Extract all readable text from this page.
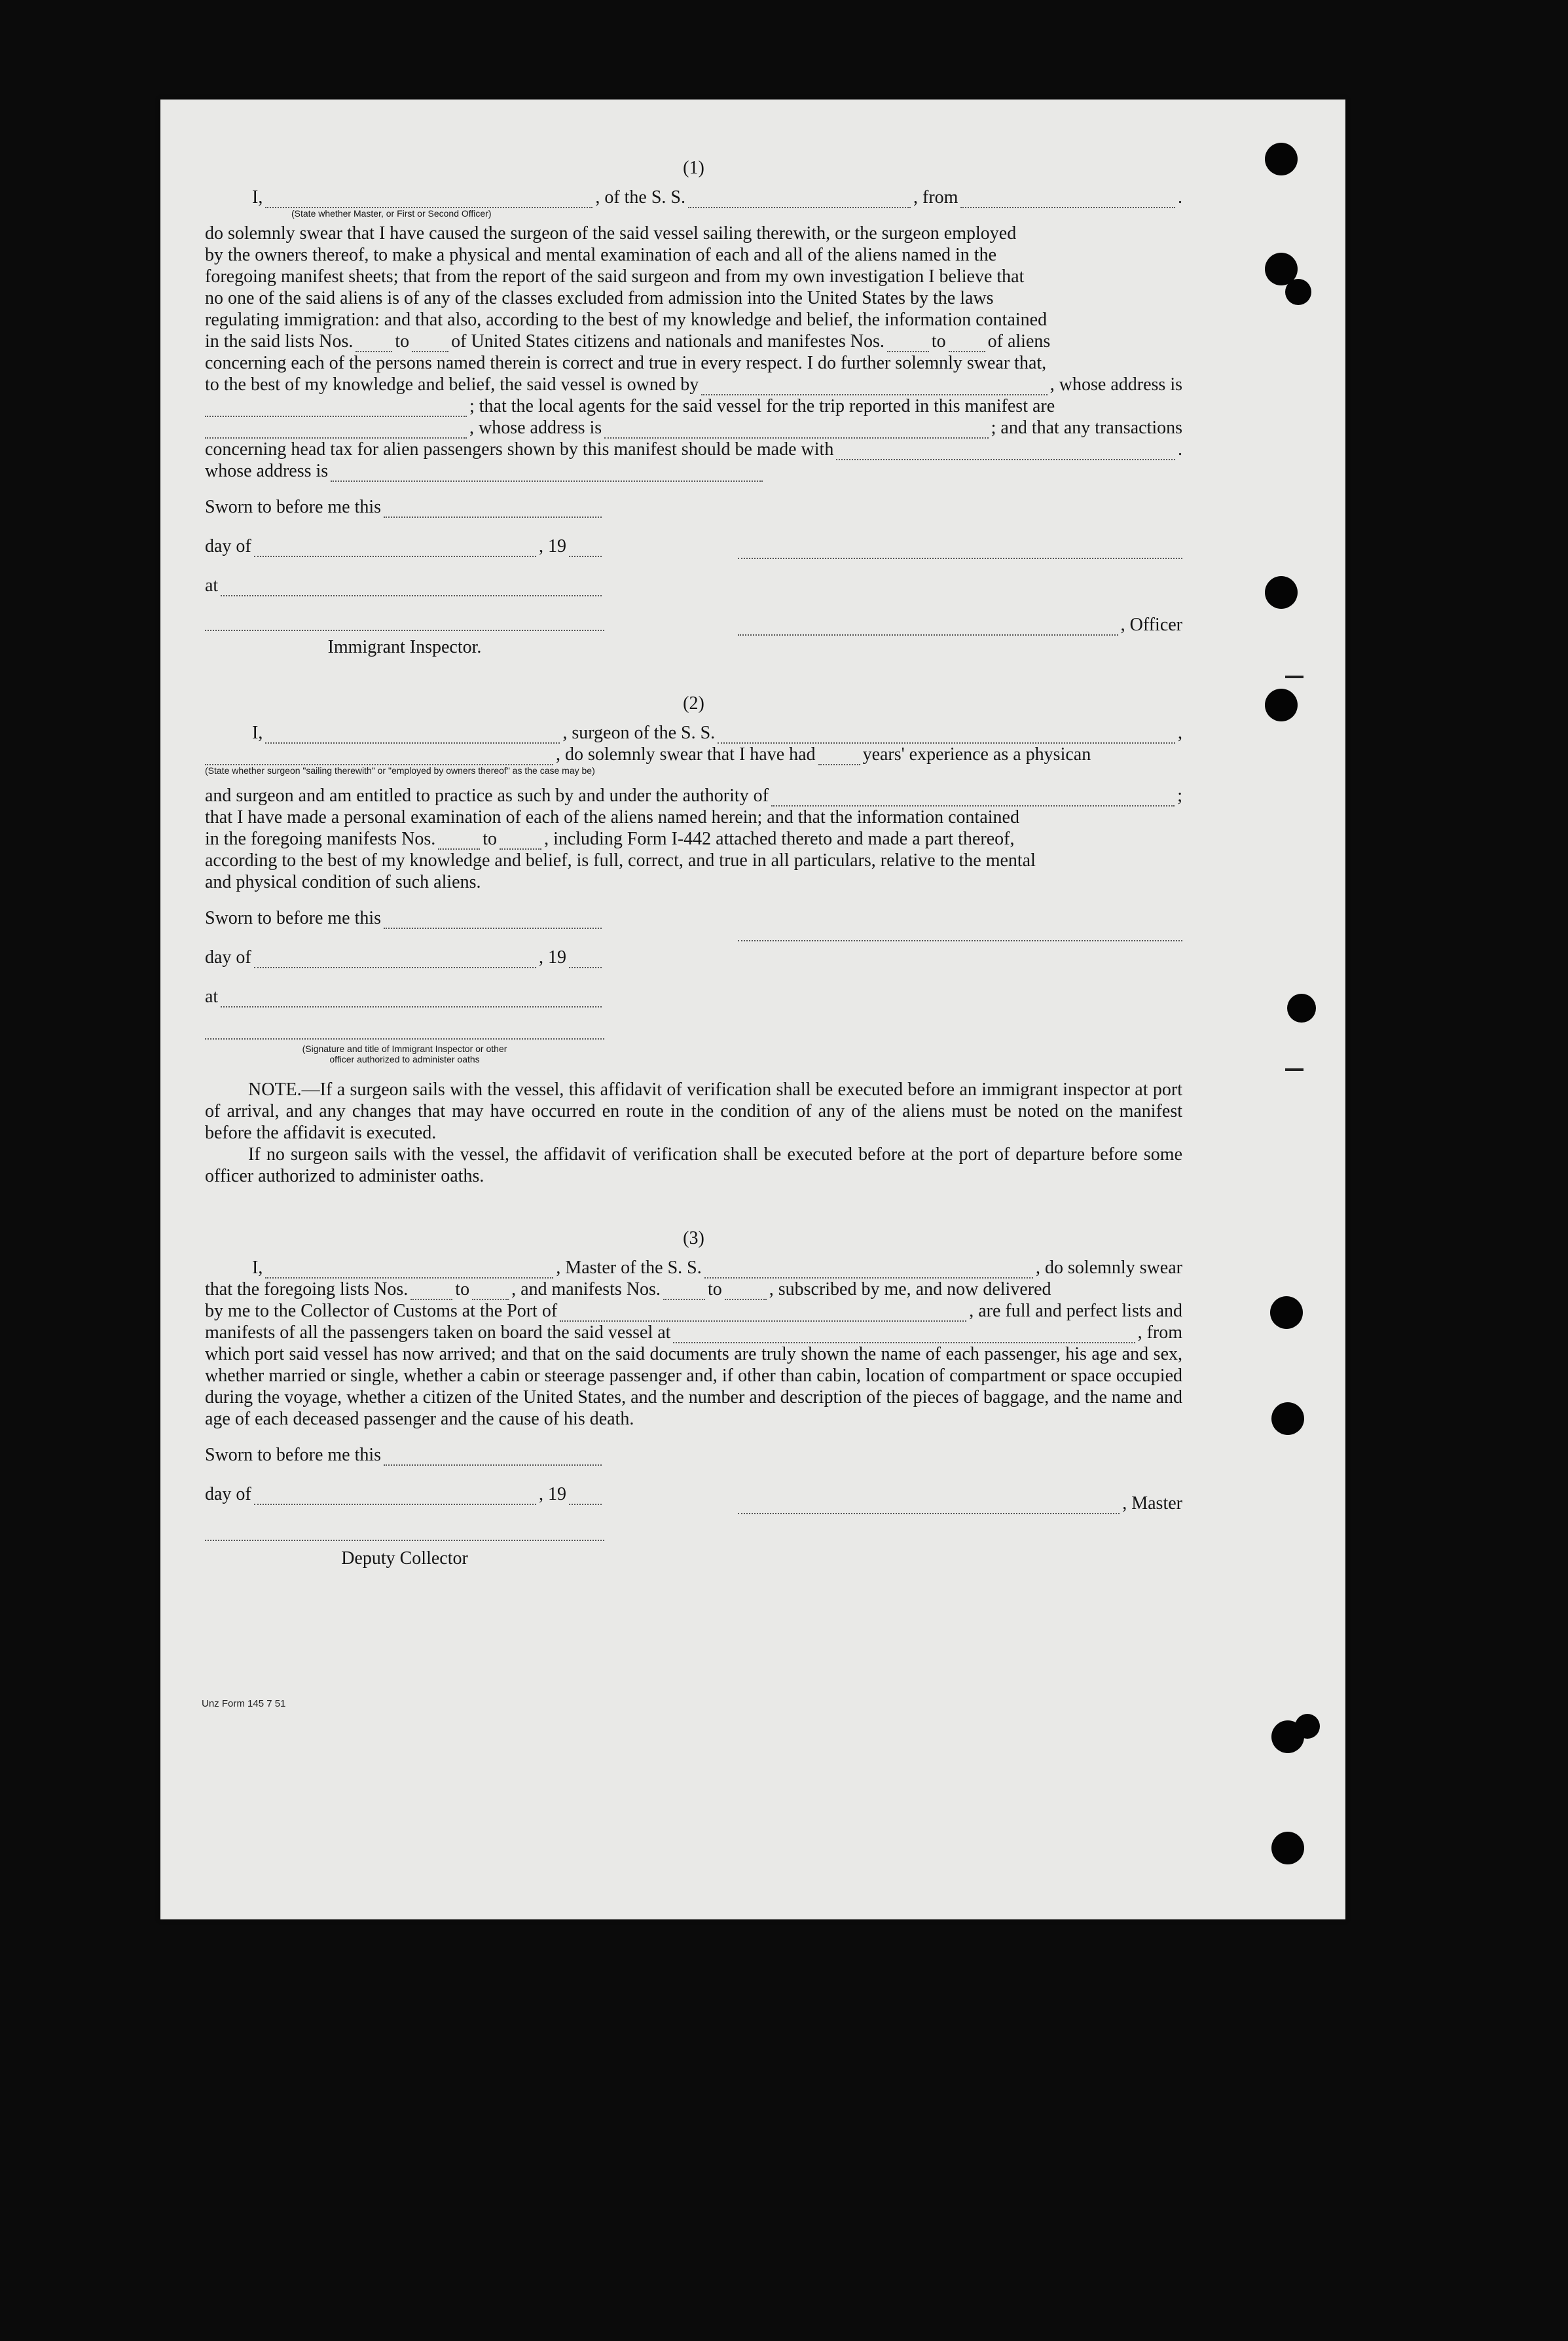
(1)
I,	, of the S. S.	, from	.
(State whether Master, or First or Second Officer)
do solemnly swear that I have caused the surgeon of the said vessel sailing therewith, or the surgeon employed
by the owners thereof, to make a physical and mental examination of each and all of the aliens named in the
foregoing manifest sheets; that from the report of the said surgeon and from my own investigation I believe that
no one of the said aliens is of any of the classes excluded from admission into the United States by the laws
regulating immigration: and that also, according to the best of my knowledge and belief, the information contained
in the said lists Nos. to of United States citizens and nationals and manifestes Nos.	to of aliens
concerning each of the persons named therein is correct and true in every respect. I do further solemnly swear that,
to the best of my knowledge and belief, the said vessel is owned by	, whose address is
; that the local agents for the said vessel for the trip reported in this manifest are
, whose address is	; and that any transactions
concerning head tax for alien passengers shown by this manifest should be made with	.
whose address is
Sworn to before me this
day of	, 19
at
, Officer
Immigrant Inspector.
(2)
I,	, surgeon of the S. S.	,
, do solemnly swear that I have had	years' experience as a physican
(State whether surgeon "sailing therewith" or "employed by owners thereof" as the case may be)
and surgeon and am entitled to practice as such by and under the authority of	;
that I have made a personal examination of each of the aliens named herein; and that the information contained
in the foregoing manifests Nos.	to	, including Form I-442 attached thereto and made a part thereof,
according to the best of my knowledge and belief, is full, correct, and true in all particulars, relative to the mental
and physical condition of such aliens.
Sworn to before me this
day of	, 19
at
(Signature and title of Immigrant Inspector or other
officer authorized to administer oaths

NOTE.—If a surgeon sails with the vessel, this affidavit of verification shall be executed before an immigrant inspector at port of arrival, and any changes that may have occurred en route in the condition of any of the aliens must be noted on the manifest before the affidavit is executed.

If no surgeon sails with the vessel, the affidavit of verification shall be executed before at the port of departure before some officer authorized to administer oaths.

(3)
I,	, Master of the S. S.	, do solemnly swear
that the foregoing lists Nos.	to , and manifests Nos.	to	, subscribed by me, and now delivered
by me to the Collector of Customs at the Port of	, are full and perfect lists and
manifests of all the passengers taken on board the said vessel at	, from

which port said vessel has now arrived; and that on the said documents are truly shown the name of each passenger, his age and sex, whether married or single, whether a cabin or steerage passenger and, if other than cabin, location of compartment or space occupied during the voyage, whether a citizen of the United States, and the number and description of the pieces of baggage, and the name and age of each deceased passenger and the cause of his death.

Sworn to before me this
day of	, 19	, Master
Deputy Collector
Unz Form 145 7 51
